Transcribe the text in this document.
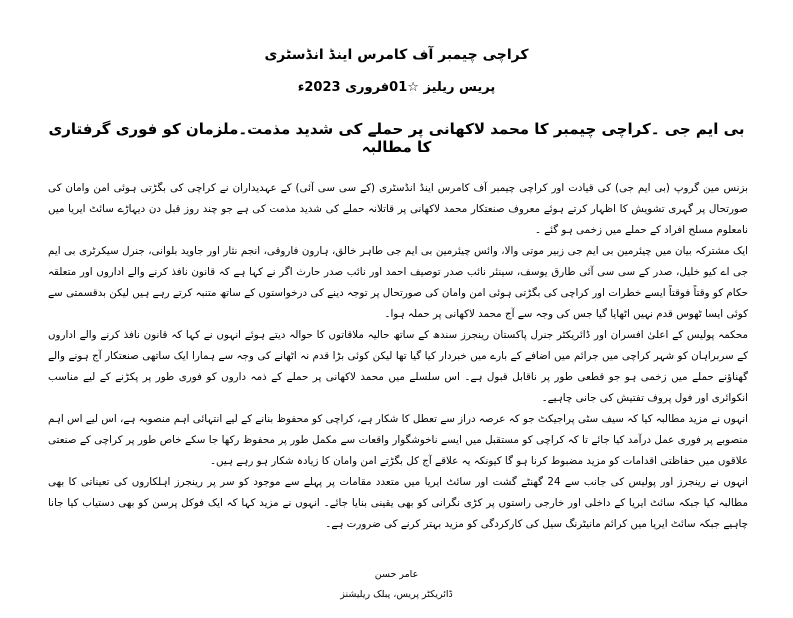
کراچی چیمبر آف کامرس اینڈ انڈسٹری
پریس ریلیز ☆01فروری 2023ء
بی ایم جی ۔کراچی چیمبر کا محمد لاکھانی پر حملے کی شدید مذمت۔ملزمان کو فوری گرفتاری کا مطالبہ

بزنس مین گروپ (بی ایم جی) کی قیادت اور کراچی چیمبر آف کامرس اینڈ انڈسٹری (کے سی سی آئی) کے عہدیداران نے کراچی کی بگڑتی ہوئی امن وامان کی صورتحال پر گہری تشویش کا اظہار کرتے ہوئے معروف صنعتکار محمد لاکھانی پر قاتلانہ حملے کی شدید مذمت کی ہے جو چند روز قبل دن دیہاڑے سائٹ ایریا میں نامعلوم مسلح افراد کے حملے میں زخمی ہو گئے ۔

ایک مشترکہ بیان میں چیئرمین بی ایم جی زبیر موتی والا، وائس چیئرمین بی ایم جی طاہر خالق، ہارون فاروقی، انجم نثار اور جاوید بلوانی، جنرل سیکرٹری بی ایم جی اے کیو خلیل، صدر کے سی سی آئی طارق یوسف، سینئر نائب صدر توصیف احمد اور نائب صدر حارث اگر نے کہا ہے کہ قانون نافذ کرنے والے اداروں اور متعلقہ حکام کو وقتاً فوقتاً ایسے خطرات اور کراچی کی بگڑتی ہوئی امن وامان کی صورتحال پر توجہ دینے کی درخواستوں کے ساتھ متنبہ کرتے رہے ہیں لیکن بدقسمتی سے کوئی ایسا ٹھوس قدم نہیں اٹھایا گیا جس کی وجہ سے آج محمد لاکھانی پر حملہ ہوا۔

محکمہ پولیس کے اعلیٰ افسران اور ڈائریکٹر جنرل پاکستان رینجرز سندھ کے ساتھ حالیہ ملاقاتوں کا حوالہ دیتے ہوئے انہوں نے کہا کہ قانون نافذ کرنے والے اداروں کے سربراہان کو شہر کراچی میں جرائم میں اضافے کے بارے میں خبردار کیا گیا تھا لیکن کوئی بڑا قدم نہ اٹھانے کی وجہ سے ہمارا ایک ساتھی صنعتکار آج ہونے والے گھناؤنے حملے میں زخمی ہو جو قطعی طور پر ناقابل قبول ہے۔ اس سلسلے میں محمد لاکھانی پر حملے کے ذمہ داروں کو فوری طور پر پکڑنے کے لیے مناسب انکوائری اور فول پروف تفتیش کی جانی چاہیے۔

انہوں نے مزید مطالبہ کیا کہ سیف سٹی پراجیکٹ جو کہ عرصہ دراز سے تعطل کا شکار ہے، کراچی کو محفوظ بنانے کے لیے انتہائی اہم منصوبہ ہے، اس لیے اس اہم منصوبے پر فوری عمل درآمد کیا جائے تا کہ کراچی کو مستقبل میں ایسے ناخوشگوار واقعات سے مکمل طور پر محفوظ رکھا جا سکے خاص طور پر کراچی کے صنعتی علاقوں میں حفاظتی اقدامات کو مزید مضبوط کرنا ہو گا کیونکہ یہ علاقے آج کل بگڑتے امن وامان کا زیادہ شکار ہو رہے ہیں۔

انہوں نے رینجرز اور پولیس کی جانب سے 24 گھنٹے گشت اور سائٹ ایریا میں متعدد مقامات پر پہلے سے موجود کو سر پر رینجرز اہلکاروں کی تعیناتی کا بھی مطالبہ کیا جبکہ سائٹ ایریا کے داخلی اور خارجی راستوں پر کڑی نگرانی کو بھی یقینی بنایا جائے۔ انہوں نے مزید کہا کہ ایک فوکل پرسن کو بھی دستیاب کیا جانا چاہیے جبکہ سائٹ ایریا میں کرائم مانیٹرنگ سیل کی کارکردگی کو مزید بہتر کرنے کی ضرورت ہے۔

عامر حسن
ڈائریکٹر پریس، پبلک ریلیشنز
